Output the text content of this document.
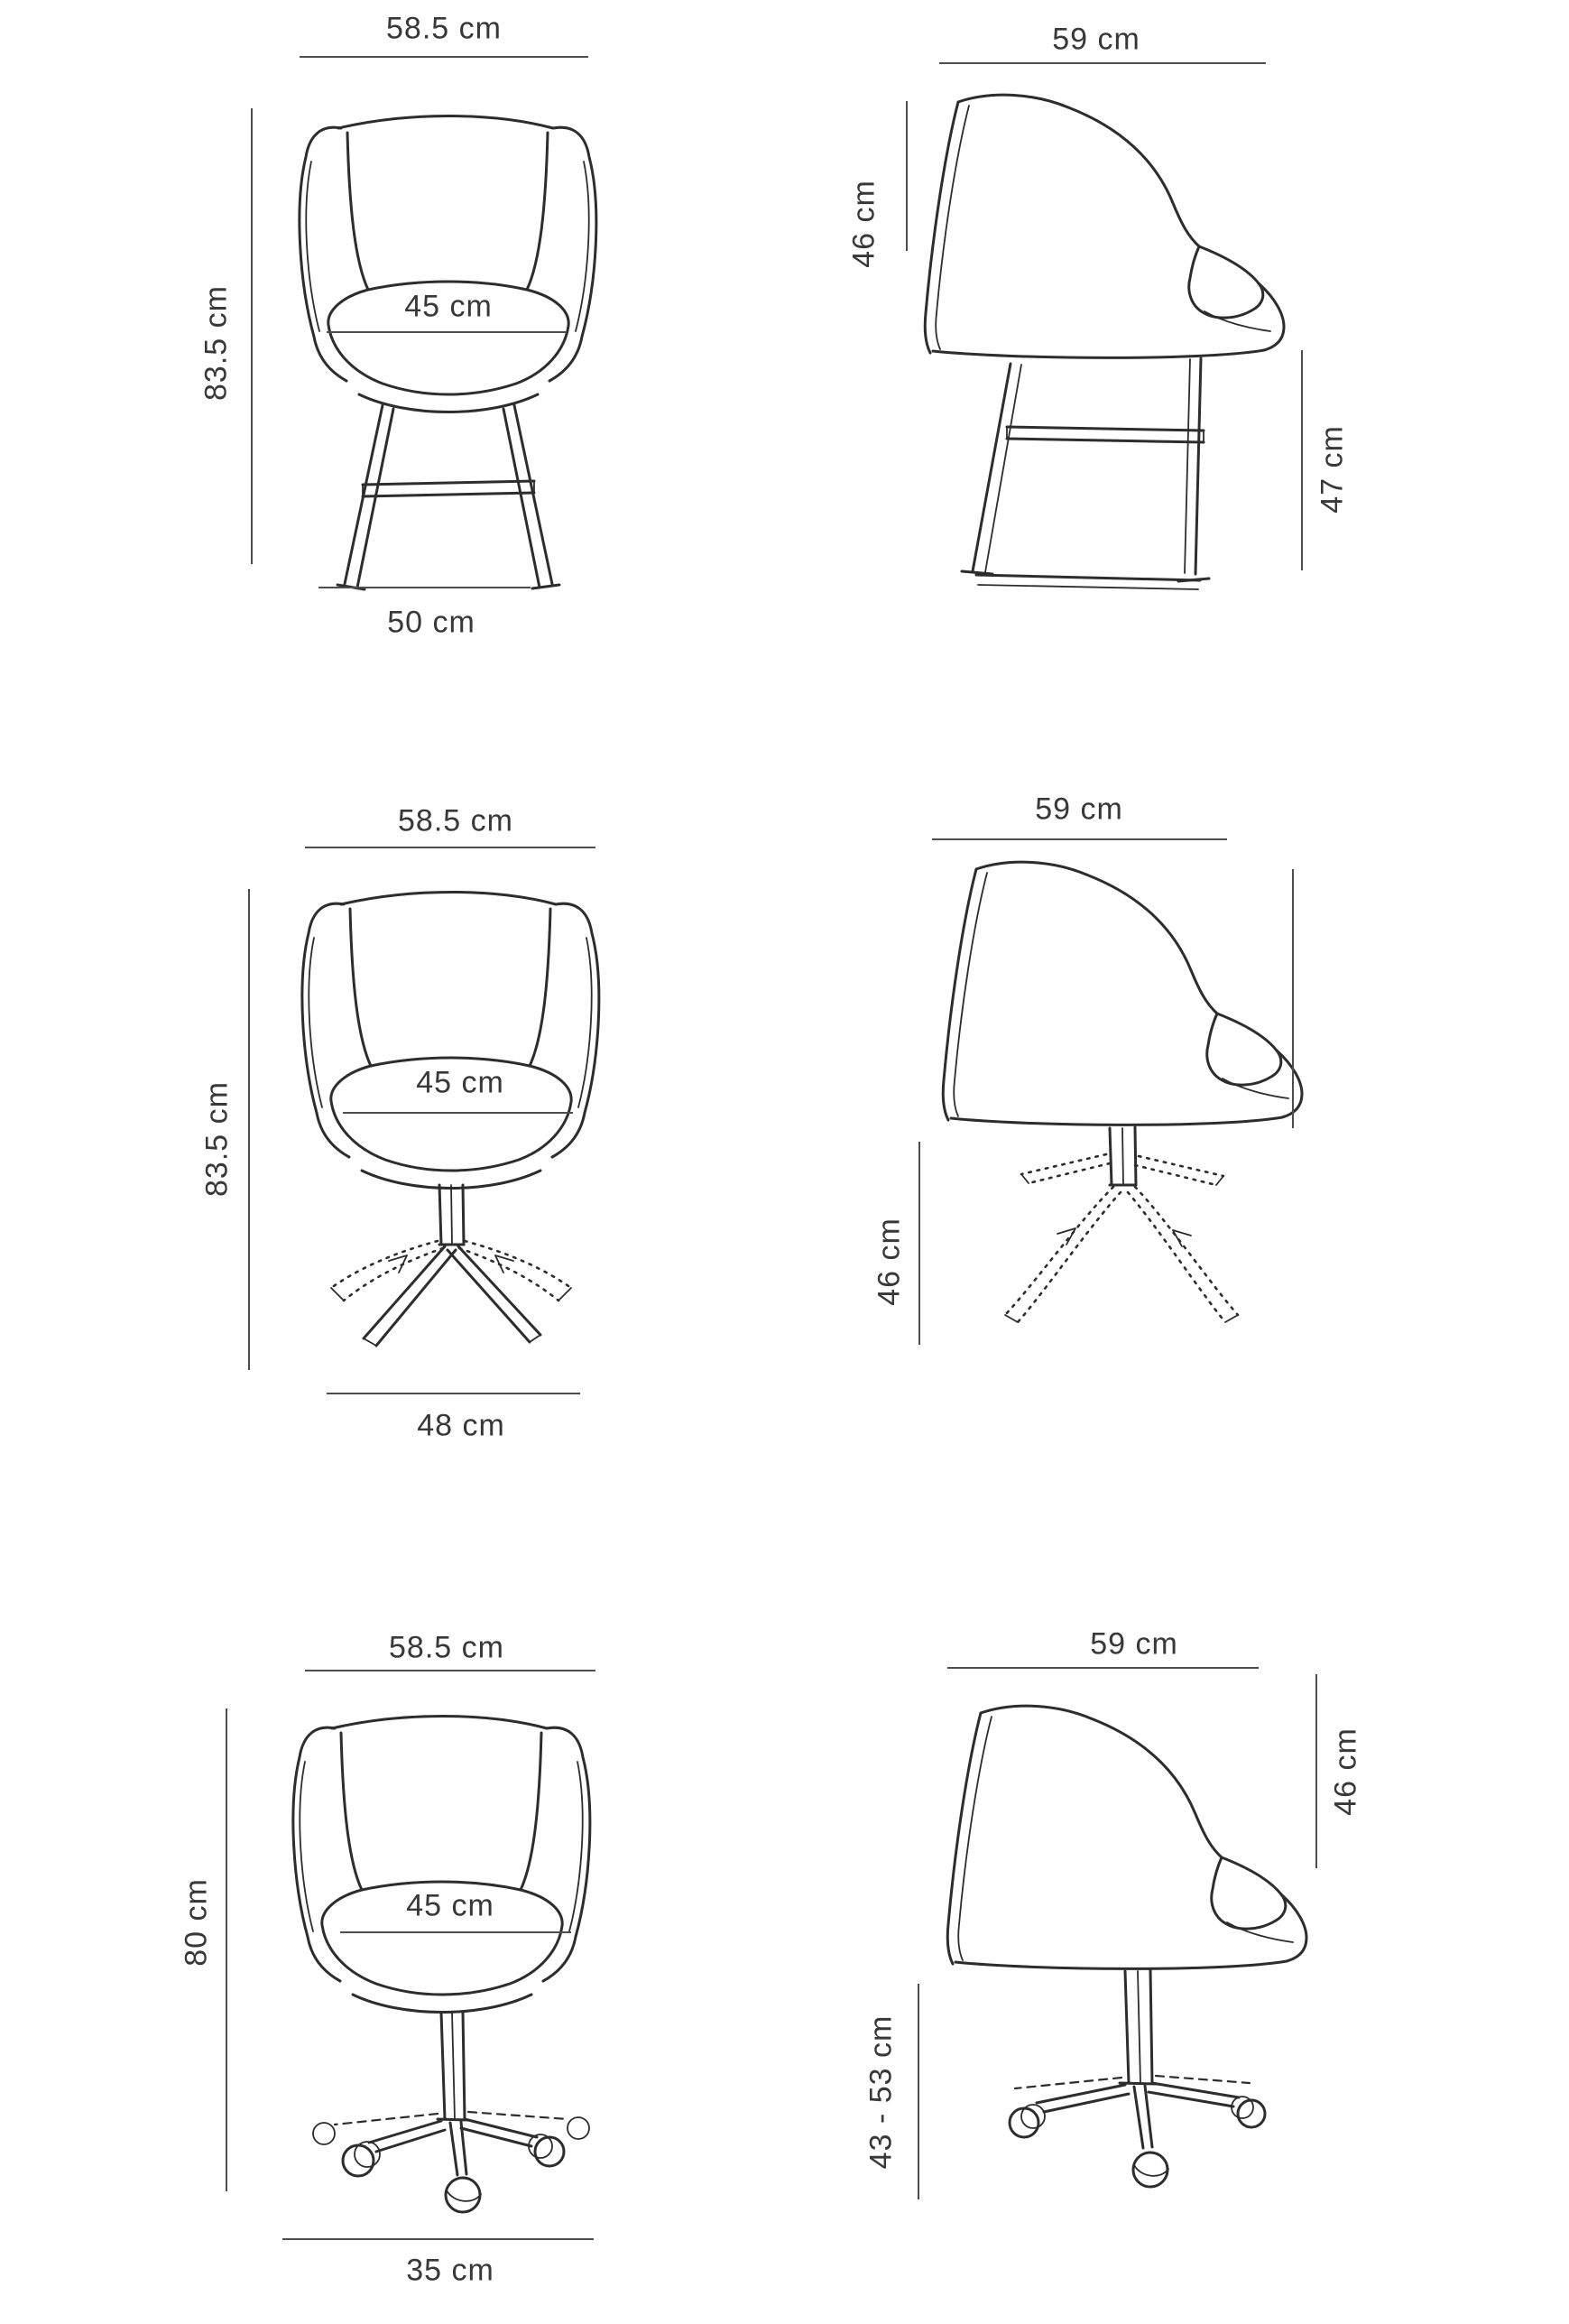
58.5 cm
83.5 cm	45 cm
50 cm
59 cm
46 cm
47 cm
58.5 cm
83.5 cm	45 cm
48 cm
59 cm
46 cm
58.5 cm
80 cm	45 cm
35 cm
59 cm
46 cm
43 - 53 cm
